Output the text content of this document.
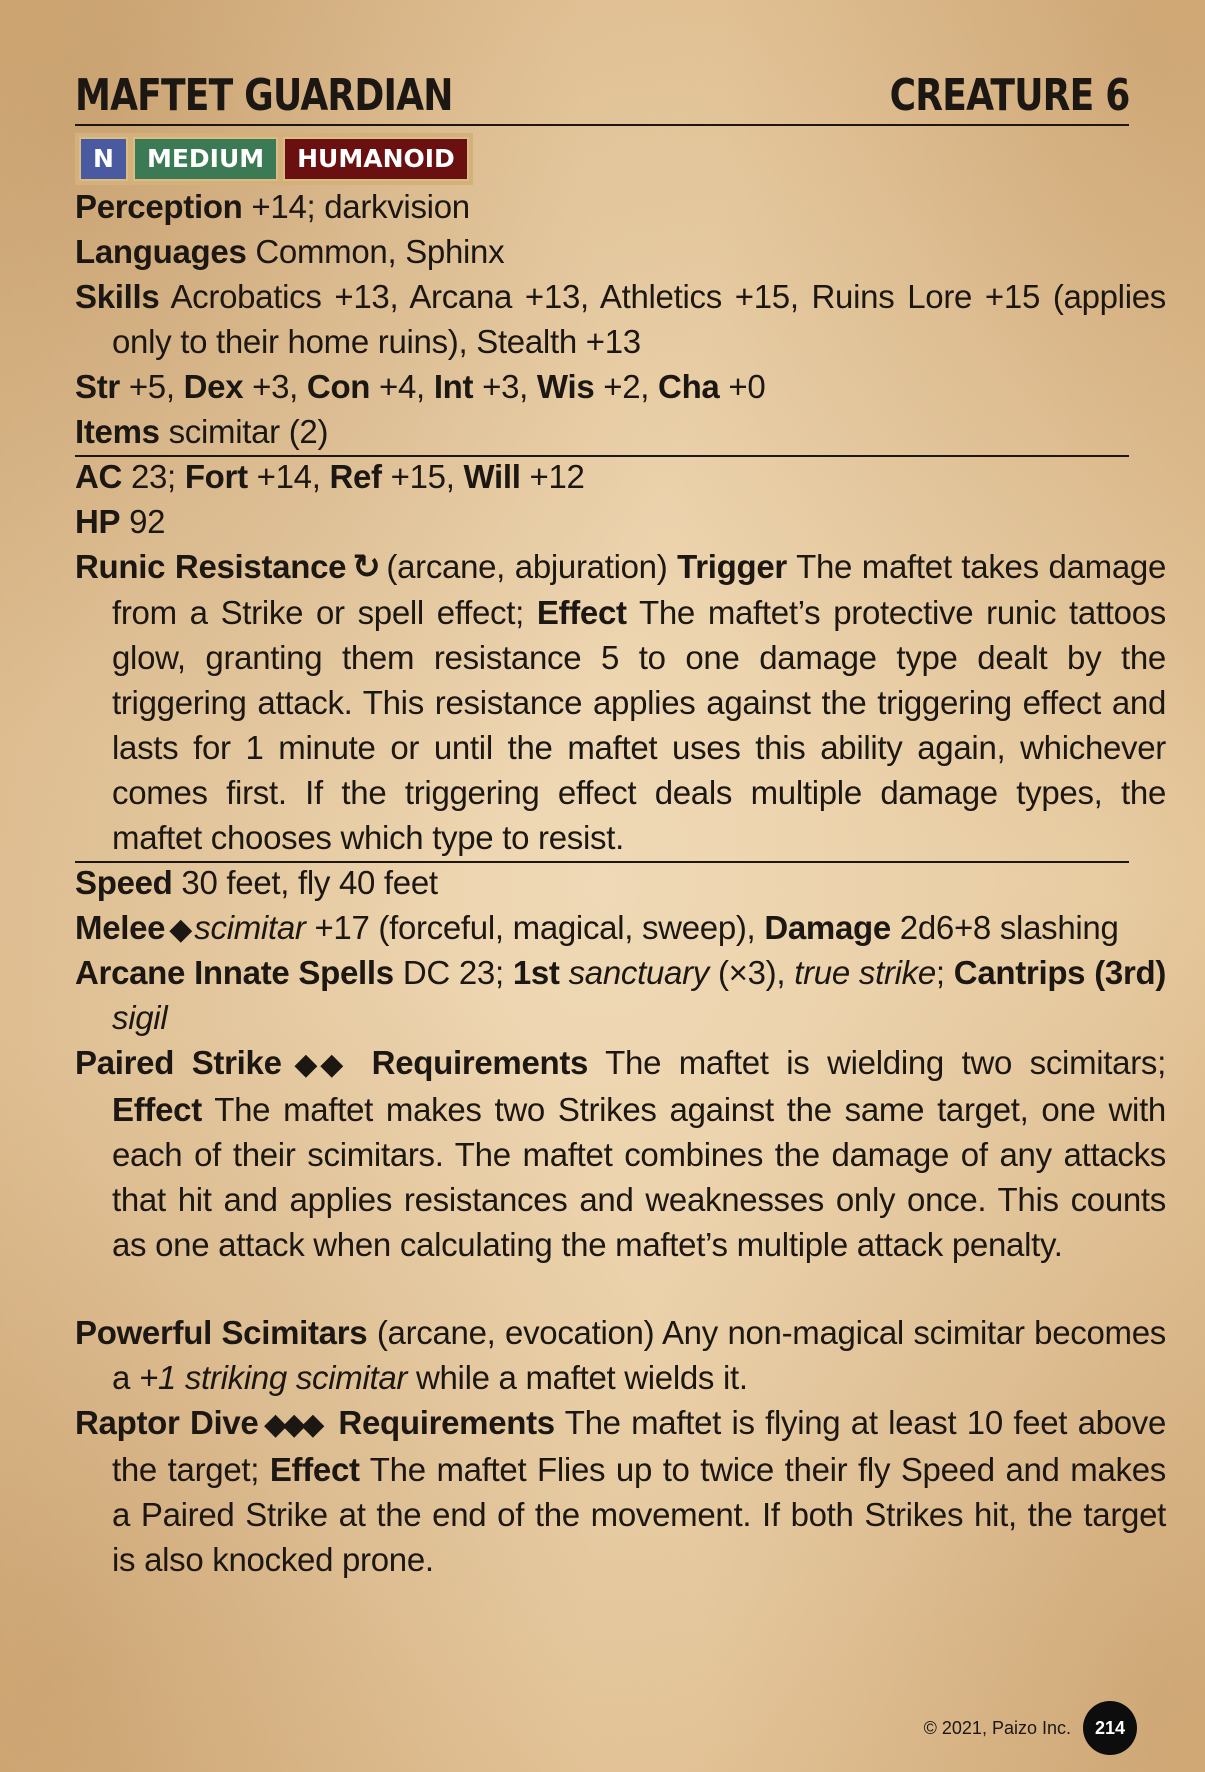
MAFTET GUARDIAN	CREATURE 6
N	MEDIUM	HUMANOID
Perception +14; darkvision
Languages Common, Sphinx
Skills Acrobatics +13, Arcana +13, Athletics +15, Ruins Lore +15 (applies only to their home ruins), Stealth +13
Str +5, Dex +3, Con +4, Int +3, Wis +2, Cha +0
Items scimitar (2)
AC 23; Fort +14, Ref +15, Will +12
HP 92
Runic Resistance ↻ (arcane, abjuration) Trigger The maftet takes damage from a Strike or spell effect; Effect The maftet’s protective runic tattoos glow, granting them resistance 5 to one damage type dealt by the triggering attack. This resistance applies against the triggering effect and lasts for 1 minute or until the maftet uses this ability again, whichever comes first. If the triggering effect deals multiple damage types, the maftet chooses which type to resist.
Speed 30 feet, fly 40 feet
Melee ◆ scimitar +17 (forceful, magical, sweep), Damage 2d6+8 slashing
Arcane Innate Spells DC 23; 1st sanctuary (×3), true strike; Cantrips (3rd) sigil
Paired Strike ◆◆ Requirements The maftet is wielding two scimitars; Effect The maftet makes two Strikes against the same target, one with each of their scimitars. The maftet combines the damage of any attacks that hit and applies resistances and weaknesses only once. This counts as one attack when calculating the maftet’s multiple attack penalty.
Powerful Scimitars (arcane, evocation) Any non-magical scimitar becomes a +1 striking scimitar while a maftet wields it.
Raptor Dive ◆◆◆ Requirements The maftet is flying at least 10 feet above the target; Effect The maftet Flies up to twice their fly Speed and makes a Paired Strike at the end of the movement. If both Strikes hit, the target is also knocked prone.
© 2021, Paizo Inc.	214
